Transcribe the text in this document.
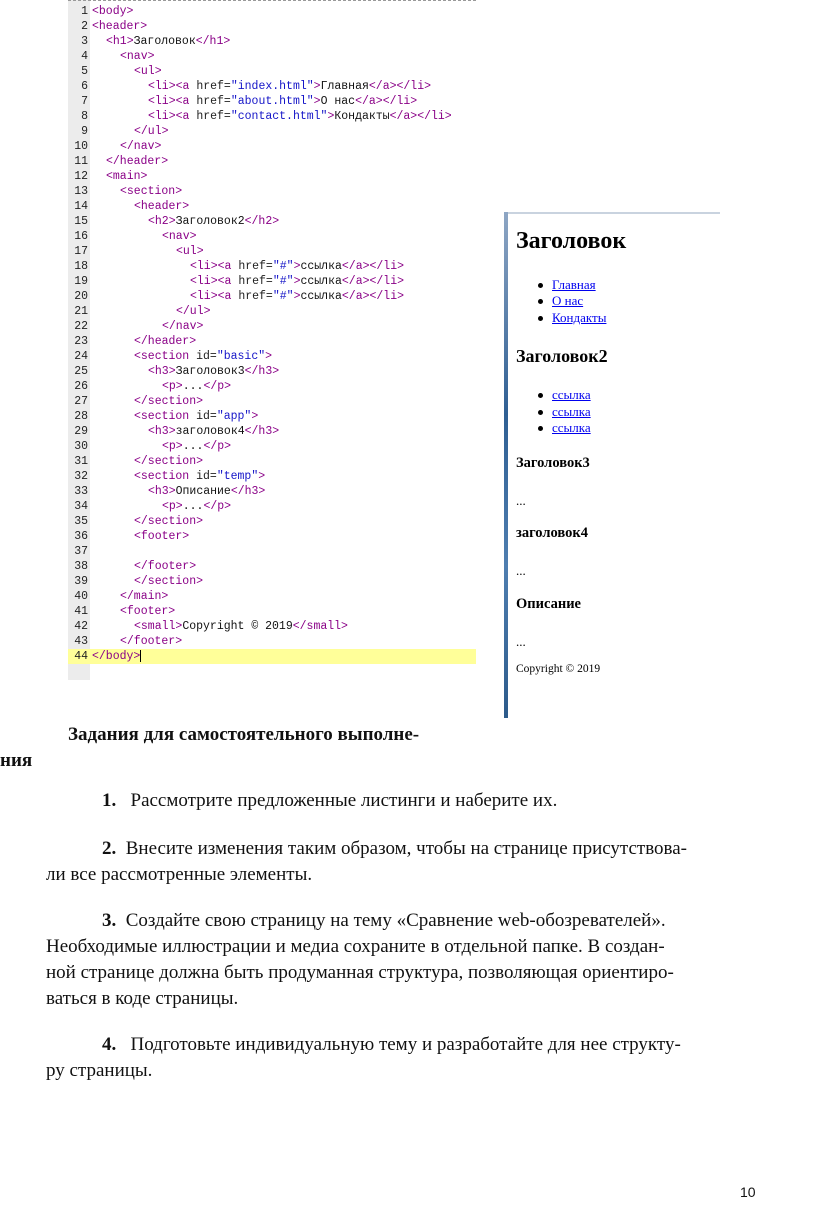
1 <body>
2 <header>
3 <h1>Заголовок</h1>
4	<nav>
5	<ul>
6	<li><a href="index.html">Главная</a></li>
7	<li><a href="about.html">О нас</a></li>
8	<li><a href="contact.html">Кондакты</a></li>
9	</ul>
10	</nav>
11 </header>
12 <main>
13	<section>
14	<header>
15	<h2>Заголовок2</h2>
16	<nav>
17	<ul>
18	<li><a href="#">ссылка</a></li>
19	<li><a href="#">ссылка</a></li>
20	<li><a href="#">ссылка</a></li>
21	</ul>
22	</nav>
23	</header>
24	<section id="basic">
25	<h3>Заголовок3</h3>
26	<p>...</p>
27	</section>
28	<section id="app">
29	<h3>заголовок4</h3>
30	<p>...</p>
31	</section>
32	<section id="temp">
33	<h3>Описание</h3>
34	<p>...</p>
35	</section>
36	<footer>
37
38	</footer>
39	</section>
40	</main>
41	<footer>
42	<small>Copyright © 2019</small>
43	</footer>
44 </body>
Заголовок
Главная
О нас
Кондакты
Заголовок2
ссылка
ссылка
ссылка
Заголовок3
...
заголовок4
...
Описание
...
Copyright © 2019
Задания для самостоятельного выполне-
ния
1. Рассмотрите предложенные листинги и наберите их.
2. Внесите изменения таким образом, чтобы на странице присутствова-
ли все рассмотренные элементы.
3. Создайте свою страницу на тему «Сравнение web-обозревателей».
Необходимые иллюстрации и медиа сохраните в отдельной папке. В создан-
ной странице должна быть продуманная структура, позволяющая ориентиро-
ваться в коде страницы.
4. Подготовьте индивидуальную тему и разработайте для нее структу-
ру страницы.
10
